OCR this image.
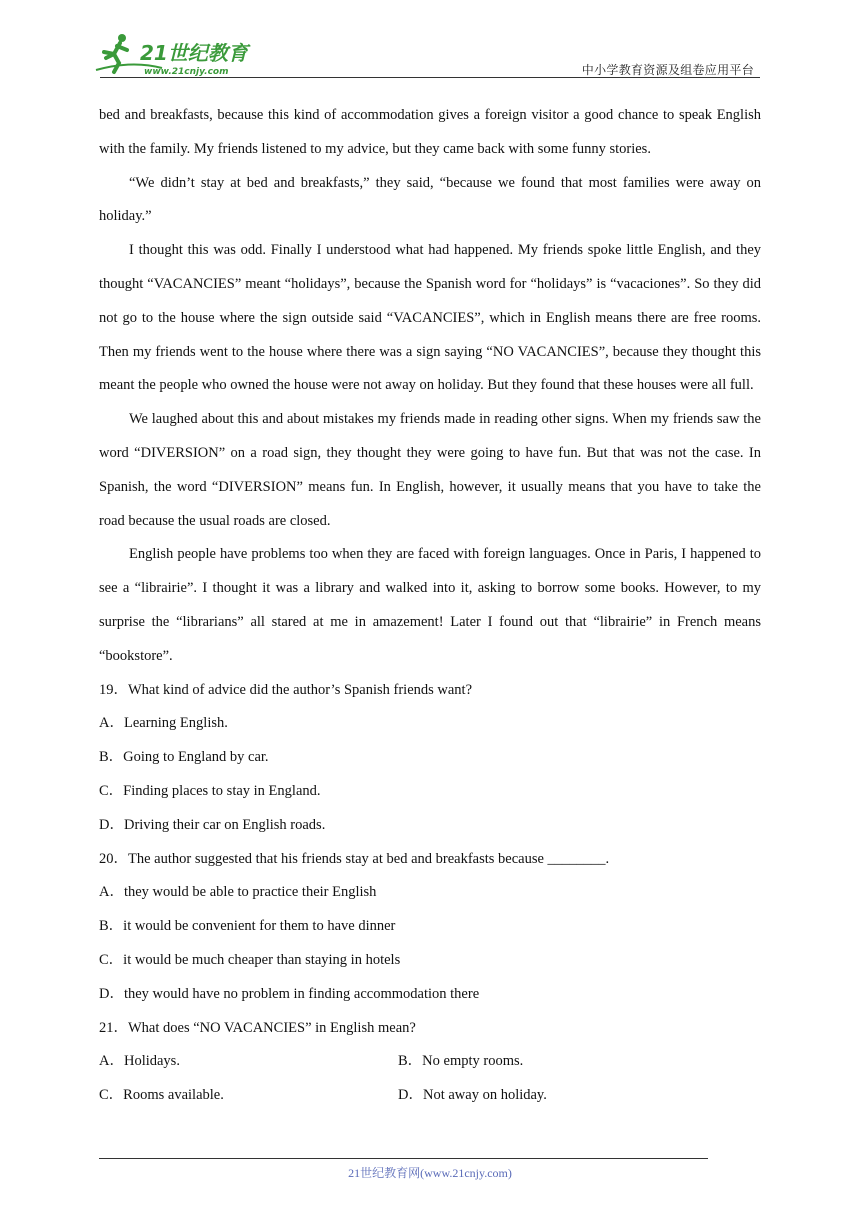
21世纪教育
www.21cnjy.com	中小学教育资源及组卷应用平台

bed and breakfasts, because this kind of accommodation gives a foreign visitor a good chance to speak English with the family. My friends listened to my advice, but they came back with some funny stories.

“We didn’t stay at bed and breakfasts,” they said, “because we found that most families were away on holiday.”

I thought this was odd. Finally I understood what had happened. My friends spoke little English, and they thought “VACANCIES” meant “holidays”, because the Spanish word for “holidays” is “vacaciones”. So they did not go to the house where the sign outside said “VACANCIES”, which in English means there are free rooms. Then my friends went to the house where there was a sign saying “NO VACANCIES”, because they thought this meant the people who owned the house were not away on holiday. But they found that these houses were all full.

We laughed about this and about mistakes my friends made in reading other signs. When my friends saw the word “DIVERSION” on a road sign, they thought they were going to have fun. But that was not the case. In Spanish, the word “DIVERSION” means fun. In English, however, it usually means that you have to take the road because the usual roads are closed.

English people have problems too when they are faced with foreign languages. Once in Paris, I happened to see a “librairie”. I thought it was a library and walked into it, asking to borrow some books. However, to my surprise the “librarians” all stared at me in amazement! Later I found out that “librairie” in French means “bookstore”.

19．What kind of advice did the author’s Spanish friends want?

A．Learning English.

B．Going to England by car.

C．Finding places to stay in England.

D．Driving their car on English roads.

20．The author suggested that his friends stay at bed and breakfasts because ________.

A．they would be able to practice their English

B．it would be convenient for them to have dinner

C．it would be much cheaper than staying in hotels

D．they would have no problem in finding accommodation there

21．What does “NO VACANCIES” in English mean?

A．Holidays.	B．No empty rooms.
C．Rooms available.	D．Not away on holiday.
21世纪教育网(www.21cnjy.com)
